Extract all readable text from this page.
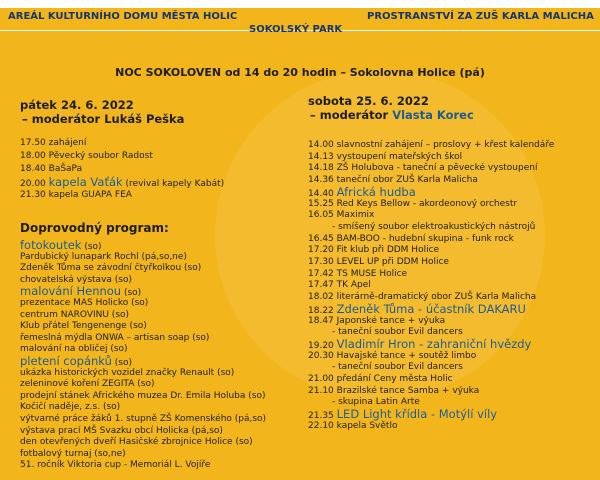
AREÁL KULTURNÍHO DOMU MĚSTA HOLIC	PROSTRANSTVÍ ZA ZUŠ KARLA MALICHA
SOKOLSKÝ PARK
NOC SOKOLOVEN od 14 do 20 hodin – Sokolovna Holice (pá)
pátek 24. 6. 2022
– moderátor Lukáš Peška
17.50 zahájení
18.00 Pěvecký soubor Radost
18.40 BaŠaPa
20.00 kapela Vaťák (revival kapely Kabát)
21.30 kapela GUAPA FEA
Doprovodný program:
fotokoutek (so)
Pardubický lunapark Rochl (pá,so,ne)
Zdeněk Tůma se závodní čtyřkolkou (so)
chovatelská výstava (so)
malování Hennou (so)
prezentace MAS Holicko (so)
centrum NAROVINU (so)
Klub přátel Tengenenge (so)
řemeslná mýdla ONWA – artisan soap (so)
malování na obličej (so)
pletení copánků (so)
ukázka historických vozidel značky Renault (so)
zeleninové koření ZEGITA (so)
prodejní stánek Afrického muzea Dr. Emila Holuba (so)
Kočičí naděje, z.s. (so)
výtvarné práce žáků 1. stupně ZŠ Komenského (pá,so)
výstava prací MŠ Svazku obcí Holicka (pá,so)
den otevřených dveří Hasičské zbrojnice Holice (so)
fotbalový turnaj (so,ne)
51. ročník Viktoria cup - Memoriál L. Vojíře
sobota 25. 6. 2022
– moderátor Vlasta Korec
14.00 slavnostní zahájení – proslovy + křest kalendáře
14.13 vystoupení mateřských škol
14.18 ZŠ Holubova - taneční a pěvecké vystoupení
14.36 taneční obor ZUŠ Karla Malicha
14.40 Africká hudba
15.25 Red Keys Bellow - akordeonový orchestr
16.05 Maximix
- smíšený soubor elektroakustických nástrojů
16.45 BAM-BOO - hudební skupina - funk rock
17.20 Fit klub při DDM Holice
17.30 LEVEL UP při DDM Holice
17.42 TS MUSE Holice
17.47 TK Apel
18.02 literárně-dramatický obor ZUŠ Karla Malicha
18.22 Zdeněk Tůma - účastník DAKARU
18.47 Japonské tance + výuka
- taneční soubor Evil dancers
19.20 Vladimír Hron - zahraniční hvězdy
20.30 Havajské tance + soutěž limbo
- taneční soubor Evil dancers
21.00 předání Ceny města Holic
21.10 Brazilské tance Samba + výuka
- skupina Latin Arte
21.35 LED Light křídla - Motýlí víly
22.10 kapela Světlo
